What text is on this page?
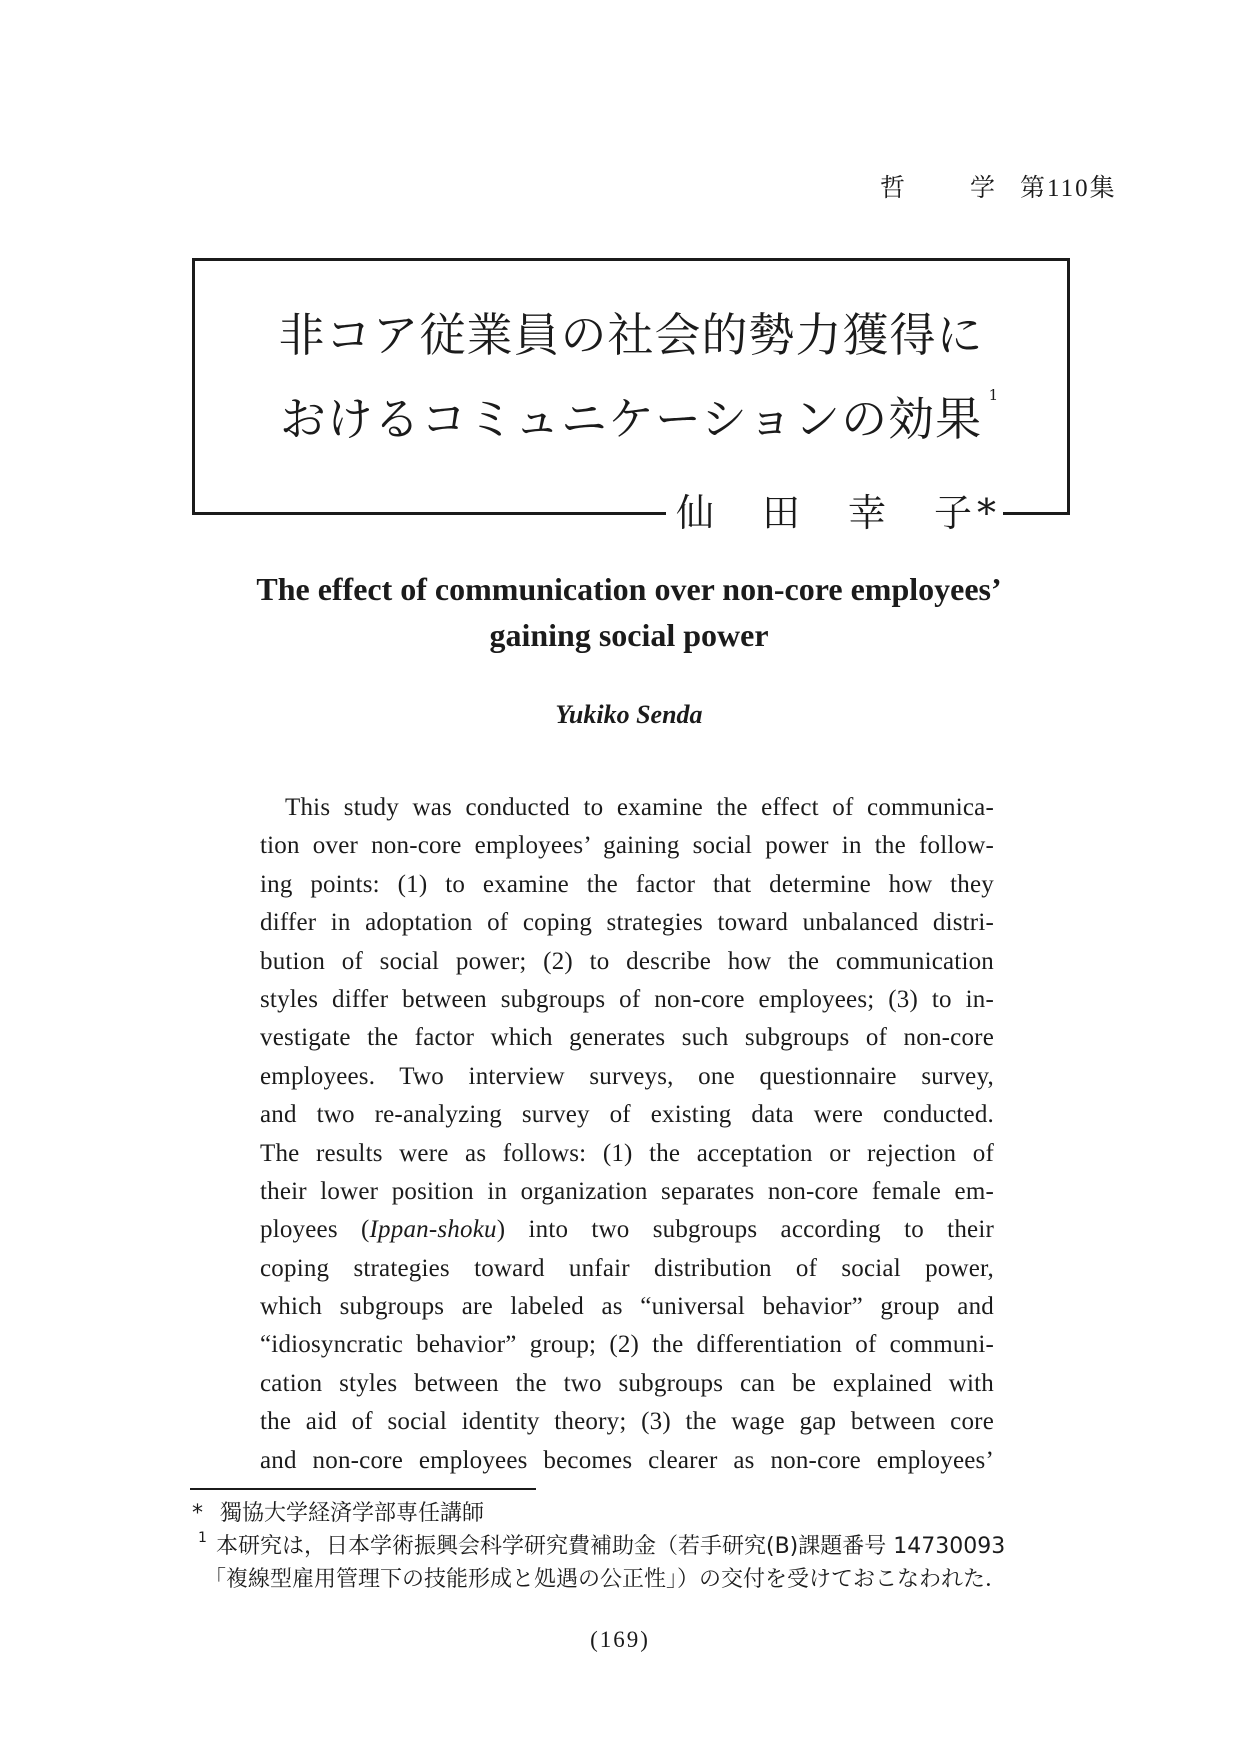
哲　　学 第110集
非コア従業員の社会的勢力獲得に
おけるコミュニケーションの効果 1
仙　田　幸　子*
The effect of communication over non-core employees’
gaining social power
Yukiko Senda
This study was conducted to examine the effect of communica-
tion over non-core employees’ gaining social power in the follow-
ing points: (1) to examine the factor that determine how they
differ in adoptation of coping strategies toward unbalanced distri-
bution of social power; (2) to describe how the communication
styles differ between subgroups of non-core employees; (3) to in-
vestigate the factor which generates such subgroups of non-core
employees. Two interview surveys, one questionnaire survey,
and two re-analyzing survey of existing data were conducted.
The results were as follows: (1) the acceptation or rejection of
their lower position in organization separates non-core female em-
ployees (Ippan-shoku) into two subgroups according to their
coping strategies toward unfair distribution of social power,
which subgroups are labeled as “universal behavior” group and
“idiosyncratic behavior” group; (2) the differentiation of communi-
cation styles between the two subgroups can be explained with
the aid of social identity theory; (3) the wage gap between core
and non-core employees becomes clearer as non-core employees’
* 獨協大学経済学部専任講師
1 本研究は，日本学術振興会科学研究費補助金（若手研究(B)課題番号 14730093
「複線型雇用管理下の技能形成と処遇の公正性」）の交付を受けておこなわれた．
(169)
